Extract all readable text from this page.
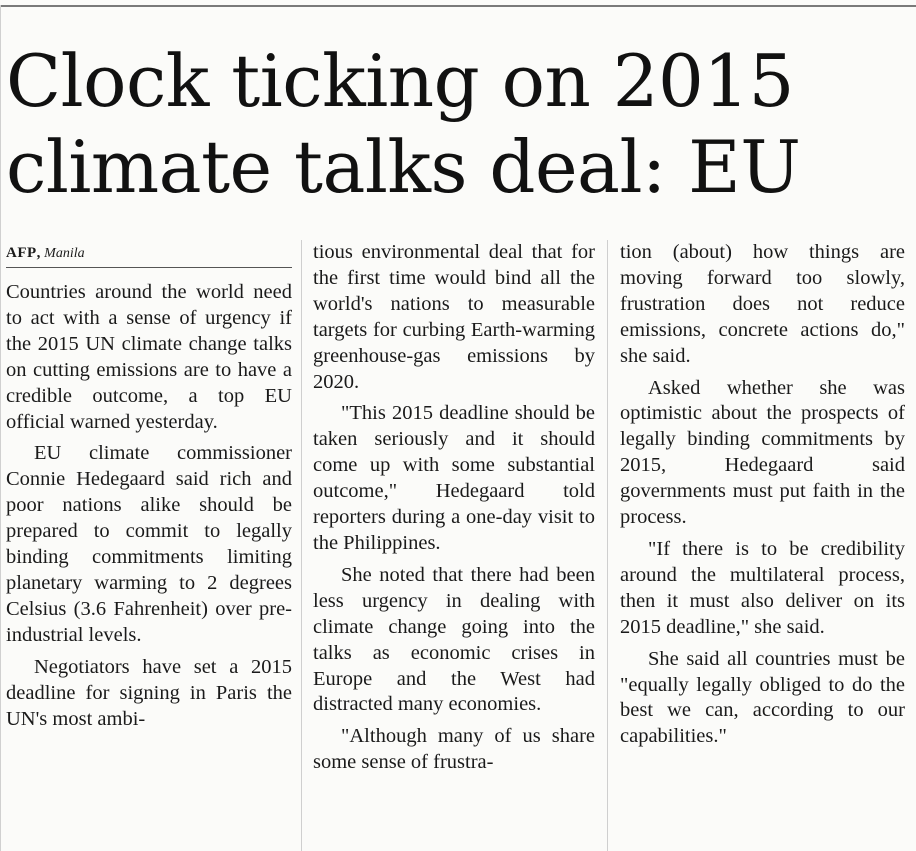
Clock ticking on 2015 climate talks deal: EU
AFP, Manila

Countries around the world need to act with a sense of urgency if the 2015 UN climate change talks on cutting emissions are to have a credible outcome, a top EU official warned yesterday.

EU climate commissioner Connie Hedegaard said rich and poor nations alike should be prepared to commit to legally binding commitments limiting planetary warming to 2 degrees Celsius (3.6 Fahrenheit) over pre-industrial levels.

Negotiators have set a 2015 deadline for signing in Paris the UN's most ambi-

tious environmental deal that for the first time would bind all the world's nations to measurable targets for curbing Earth-warming greenhouse-gas emissions by 2020.

"This 2015 deadline should be taken seriously and it should come up with some substantial outcome," Hedegaard told reporters during a one-day visit to the Philippines.

She noted that there had been less urgency in dealing with climate change going into the talks as economic crises in Europe and the West had distracted many economies.

"Although many of us share some sense of frustra-

tion (about) how things are moving forward too slowly, frustration does not reduce emissions, concrete actions do," she said.

Asked whether she was optimistic about the prospects of legally binding commitments by 2015, Hedegaard said governments must put faith in the process.

"If there is to be credibility around the multilateral process, then it must also deliver on its 2015 deadline," she said.

She said all countries must be "equally legally obliged to do the best we can, according to our capabilities."
